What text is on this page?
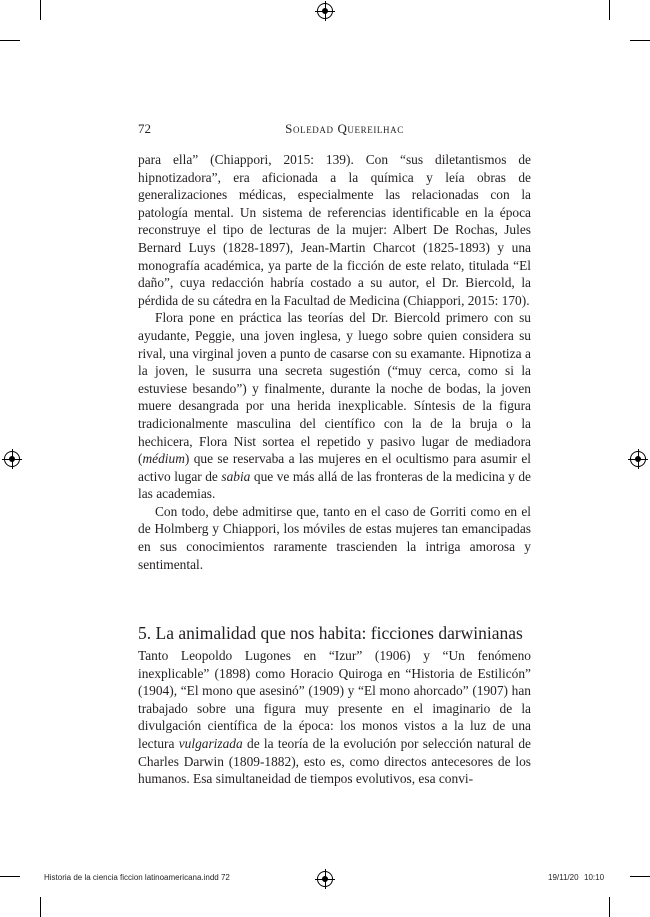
72	Soledad Quereilhac

para ella” (Chiappori, 2015: 139). Con “sus diletantismos de hipnotizadora”, era aficionada a la química y leía obras de generalizaciones médicas, especialmente las relacionadas con la patología mental. Un sistema de referencias identificable en la época reconstruye el tipo de lecturas de la mujer: Albert De Rochas, Jules Bernard Luys (1828-1897), Jean-Martin Charcot (1825-1893) y una monografía académica, ya parte de la ficción de este relato, titulada “El daño”, cuya redacción habría costado a su autor, el Dr. Biercold, la pérdida de su cátedra en la Facultad de Medicina (Chiappori, 2015: 170).

Flora pone en práctica las teorías del Dr. Biercold primero con su ayudante, Peggie, una joven inglesa, y luego sobre quien considera su rival, una virginal joven a punto de casarse con su examante. Hipnotiza a la joven, le susurra una secreta sugestión (“muy cerca, como si la estuviese besando”) y finalmente, durante la noche de bodas, la joven muere desangrada por una herida inexplicable. Síntesis de la figura tradicionalmente masculina del científico con la de la bruja o la hechicera, Flora Nist sortea el repetido y pasivo lugar de mediadora (médium) que se reservaba a las mujeres en el ocultismo para asumir el activo lugar de sabia que ve más allá de las fronteras de la medicina y de las academias.

Con todo, debe admitirse que, tanto en el caso de Gorriti como en el de Holmberg y Chiappori, los móviles de estas mujeres tan emancipadas en sus conocimientos raramente trascienden la intriga amorosa y sentimental.

5. La animalidad que nos habita: ficciones darwinianas

Tanto Leopoldo Lugones en “Izur” (1906) y “Un fenómeno inexplicable” (1898) como Horacio Quiroga en “Historia de Estilicón” (1904), “El mono que asesinó” (1909) y “El mono ahorcado” (1907) han trabajado sobre una figura muy presente en el imaginario de la divulgación científica de la época: los monos vistos a la luz de una lectura vulgarizada de la teoría de la evolución por selección natural de Charles Darwin (1809-1882), esto es, como directos antecesores de los humanos. Esa simultaneidad de tiempos evolutivos, esa convi-

Historia de la ciencia ficcion latinoamericana.indd 72	19/11/20 10:10
